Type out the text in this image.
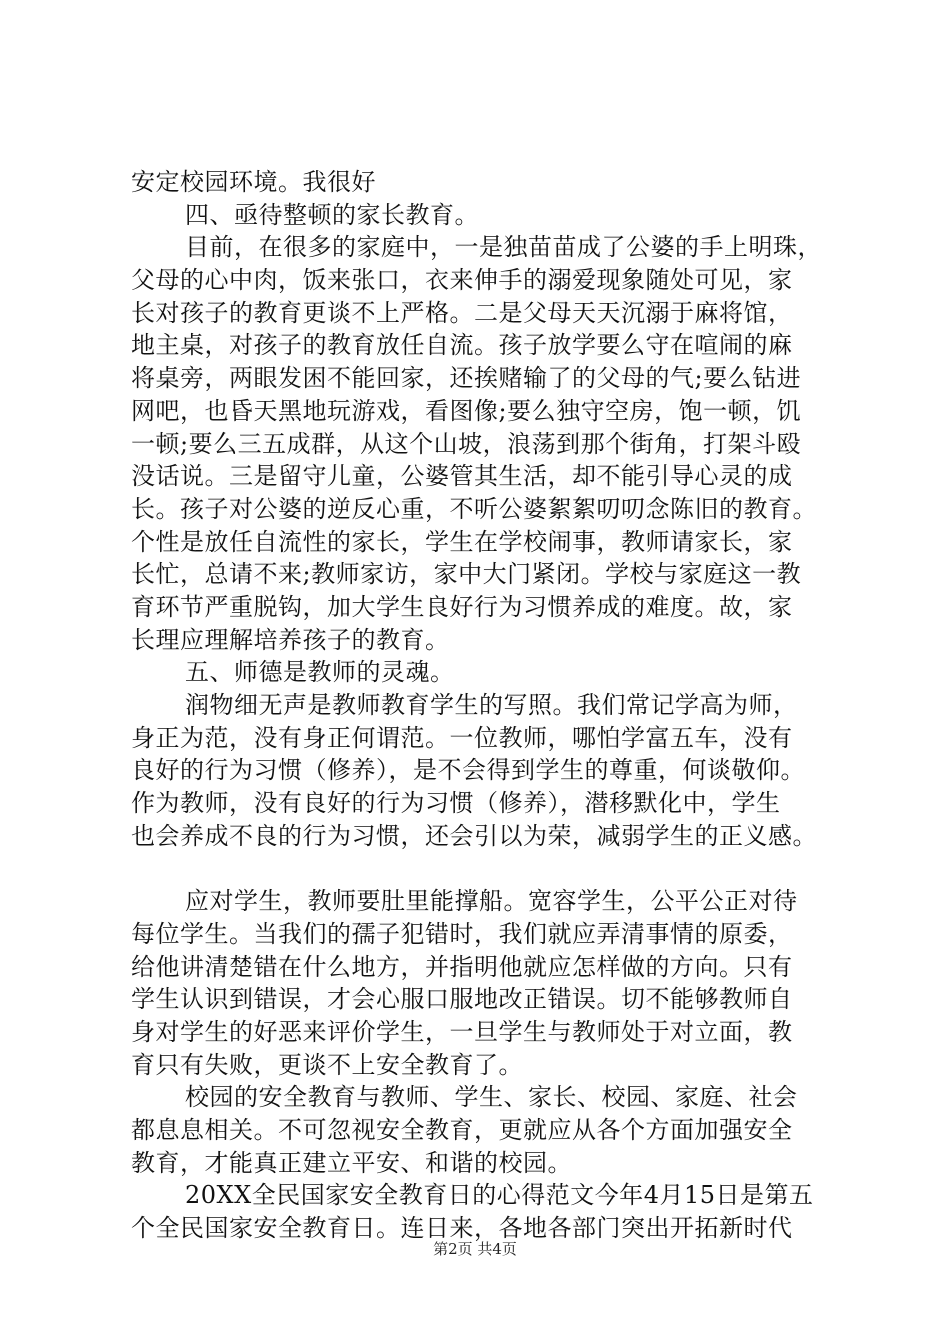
安定校园环境。我很好
四、亟待整顿的家长教育。
目前，在很多的家庭中，一是独苗苗成了公婆的手上明珠，
父母的心中肉，饭来张口，衣来伸手的溺爱现象随处可见，家
长对孩子的教育更谈不上严格。二是父母天天沉溺于麻将馆，
地主桌，对孩子的教育放任自流。孩子放学要么守在喧闹的麻
将桌旁，两眼发困不能回家，还挨赌输了的父母的气;要么钻进
网吧，也昏天黑地玩游戏，看图像;要么独守空房，饱一顿，饥
一顿;要么三五成群，从这个山坡，浪荡到那个街角，打架斗殴
没话说。三是留守儿童，公婆管其生活，却不能引导心灵的成
长。孩子对公婆的逆反心重，不听公婆絮絮叨叨念陈旧的教育。
个性是放任自流性的家长，学生在学校闹事，教师请家长，家
长忙，总请不来;教师家访，家中大门紧闭。学校与家庭这一教
育环节严重脱钩，加大学生良好行为习惯养成的难度。故，家
长理应理解培养孩子的教育。
五、师德是教师的灵魂。
润物细无声是教师教育学生的写照。我们常记学高为师，
身正为范，没有身正何谓范。一位教师，哪怕学富五车，没有
良好的行为习惯（修养），是不会得到学生的尊重，何谈敬仰。
作为教师，没有良好的行为习惯（修养），潜移默化中，学生
也会养成不良的行为习惯，还会引以为荣，减弱学生的正义感。
应对学生，教师要肚里能撑船。宽容学生，公平公正对待
每位学生。当我们的孺子犯错时，我们就应弄清事情的原委，
给他讲清楚错在什么地方，并指明他就应怎样做的方向。只有
学生认识到错误，才会心服口服地改正错误。切不能够教师自
身对学生的好恶来评价学生，一旦学生与教师处于对立面，教
育只有失败，更谈不上安全教育了。
校园的安全教育与教师、学生、家长、校园、家庭、社会
都息息相关。不可忽视安全教育，更就应从各个方面加强安全
教育，才能真正建立平安、和谐的校园。
20XX全民国家安全教育日的心得范文今年4月15日是第五
个全民国家安全教育日。连日来，各地各部门突出开拓新时代
第2页 共4页
